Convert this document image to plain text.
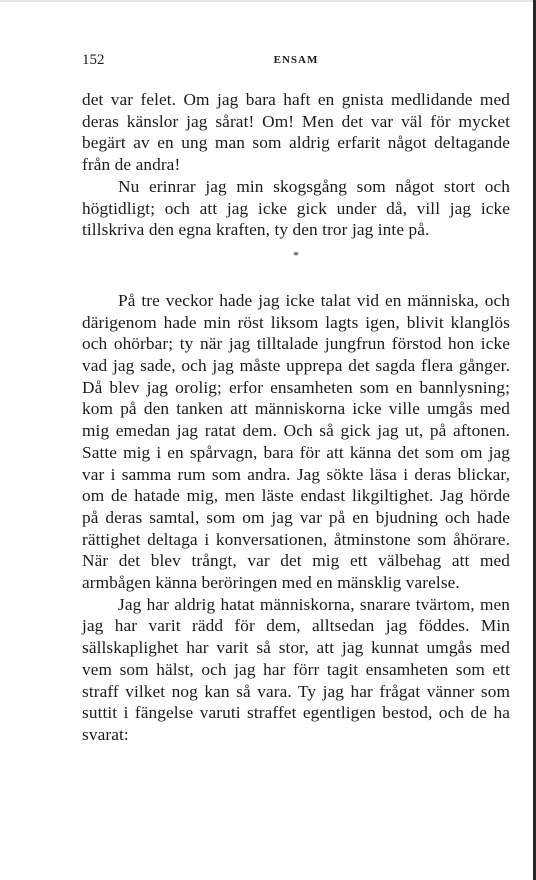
152	ENSAM

det var felet. Om jag bara haft en gnista medlidande med deras känslor jag sårat! Om! Men det var väl för mycket begärt av en ung man som aldrig erfarit något deltagande från de andra!

Nu erinrar jag min skogsgång som något stort och högtidligt; och att jag icke gick under då, vill jag icke tillskriva den egna kraften, ty den tror jag inte på.

*

På tre veckor hade jag icke talat vid en människa, och därigenom hade min röst liksom lagts igen, blivit klanglös och ohörbar; ty när jag tilltalade jungfrun förstod hon icke vad jag sade, och jag måste upprepa det sagda flera gånger. Då blev jag orolig; erfor ensamheten som en bannlysning; kom på den tanken att människorna icke ville umgås med mig emedan jag ratat dem. Och så gick jag ut, på aftonen. Satte mig i en spårvagn, bara för att känna det som om jag var i samma rum som andra. Jag sökte läsa i deras blickar, om de hatade mig, men läste endast likgiltighet. Jag hörde på deras samtal, som om jag var på en bjudning och hade rättighet deltaga i konversationen, åtminstone som åhörare. När det blev trångt, var det mig ett välbehag att med armbågen känna beröringen med en mänsklig varelse.

Jag har aldrig hatat människorna, snarare tvärtom, men jag har varit rädd för dem, alltsedan jag föddes. Min sällskaplighet har varit så stor, att jag kunnat umgås med vem som hälst, och jag har förr tagit ensamheten som ett straff vilket nog kan så vara. Ty jag har frågat vänner som suttit i fängelse varuti straffet egentligen bestod, och de ha svarat:
